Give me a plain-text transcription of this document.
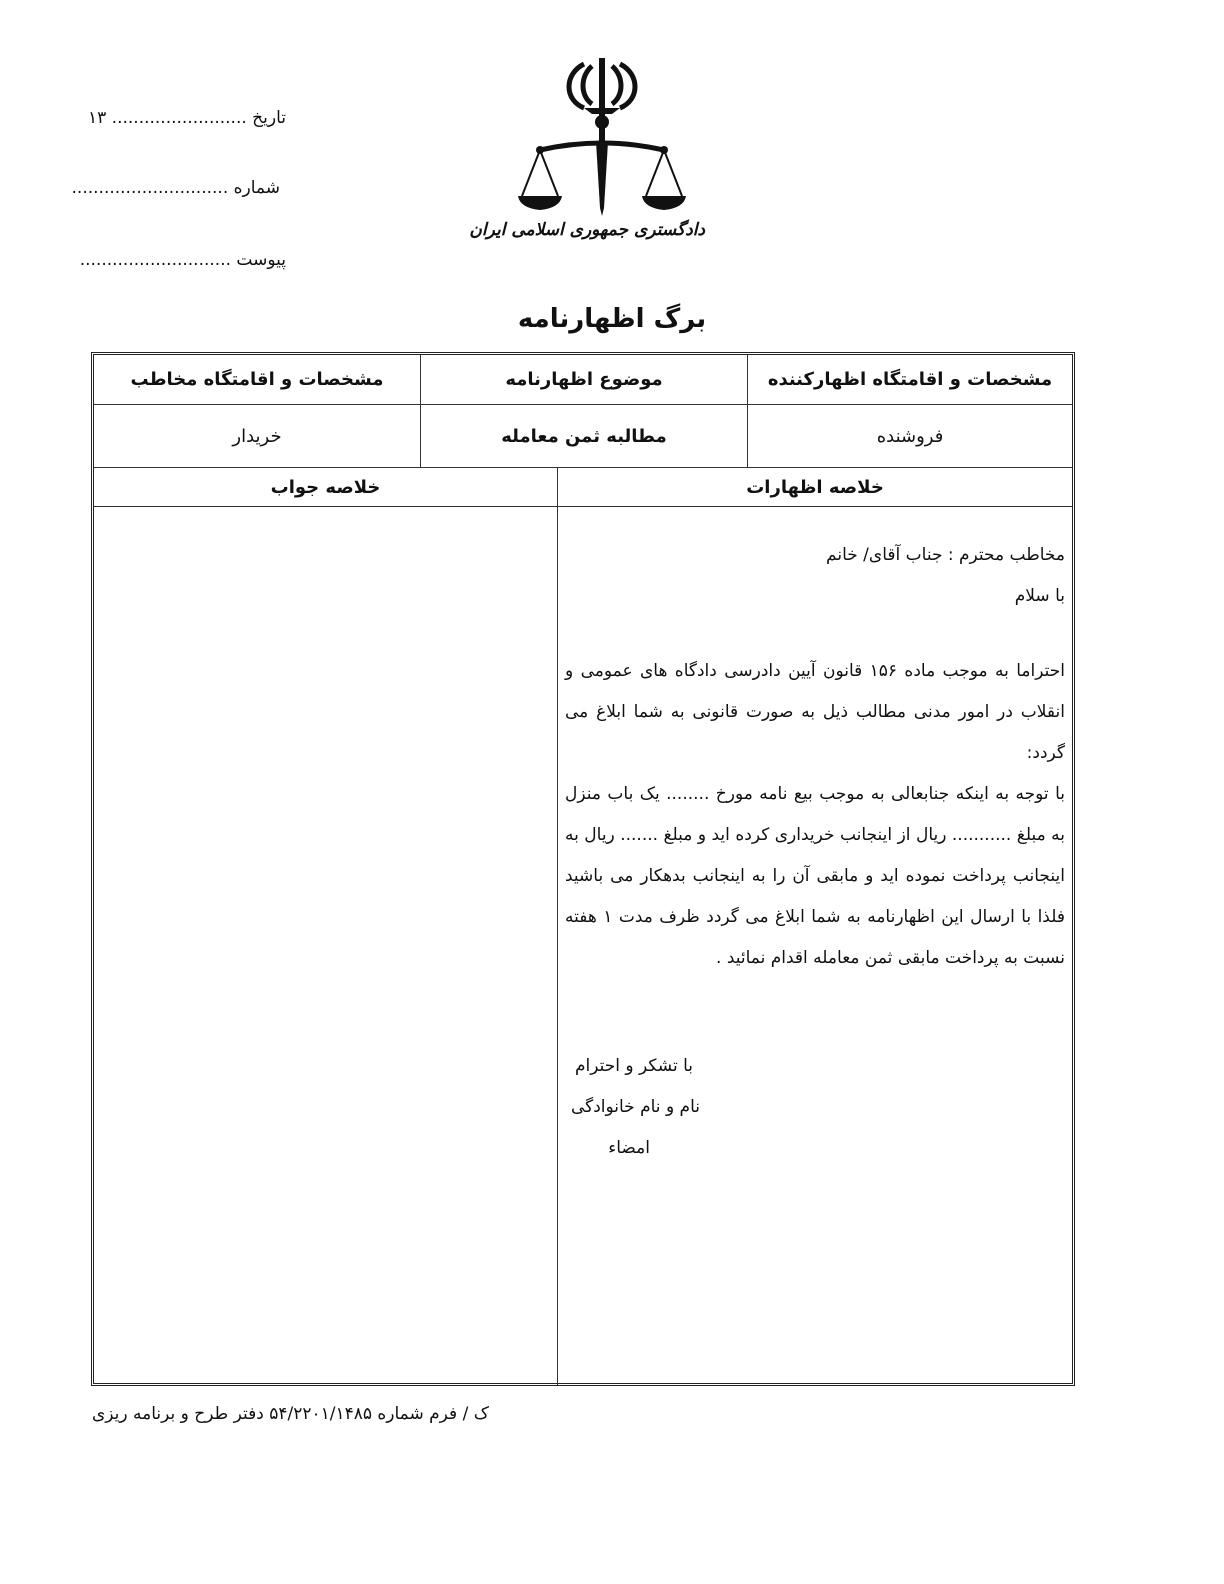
تاریخ ......................... ۱۳
شماره .............................
پیوست ............................
دادگستری جمهوری اسلامی ایران
برگ اظهارنامه
مشخصات و اقامتگاه اظهارکننده
موضوع اظهارنامه
مشخصات و اقامتگاه مخاطب
فروشنده
مطالبه ثمن معامله
خریدار
خلاصه اظهارات
خلاصه جواب

مخاطب محترم : جناب آقای/ خانم

با سلام

احتراما به موجب ماده ۱۵۶ قانون آیین دادرسی دادگاه های عمومی و انقلاب در امور مدنی مطالب ذیل به صورت قانونی به شما ابلاغ می گردد:

با توجه به اینکه جنابعالی به موجب بیع نامه مورخ ........ یک باب منزل به مبلغ ........... ریال از اینجانب خریداری کرده اید و مبلغ ....... ریال به اینجانب پرداخت نموده اید و مابقی آن را به اینجانب بدهکار می باشید فلذا با ارسال این اظهارنامه به شما ابلاغ می گردد ظرف مدت ۱ هفته نسبت به پرداخت مابقی ثمن معامله اقدام نمائید .

با تشکر و احترام
نام و نام خانوادگی
امضاء
ک / فرم شماره ۵۴/۲۲۰۱/۱۴۸۵ دفتر طرح و برنامه ریزی
